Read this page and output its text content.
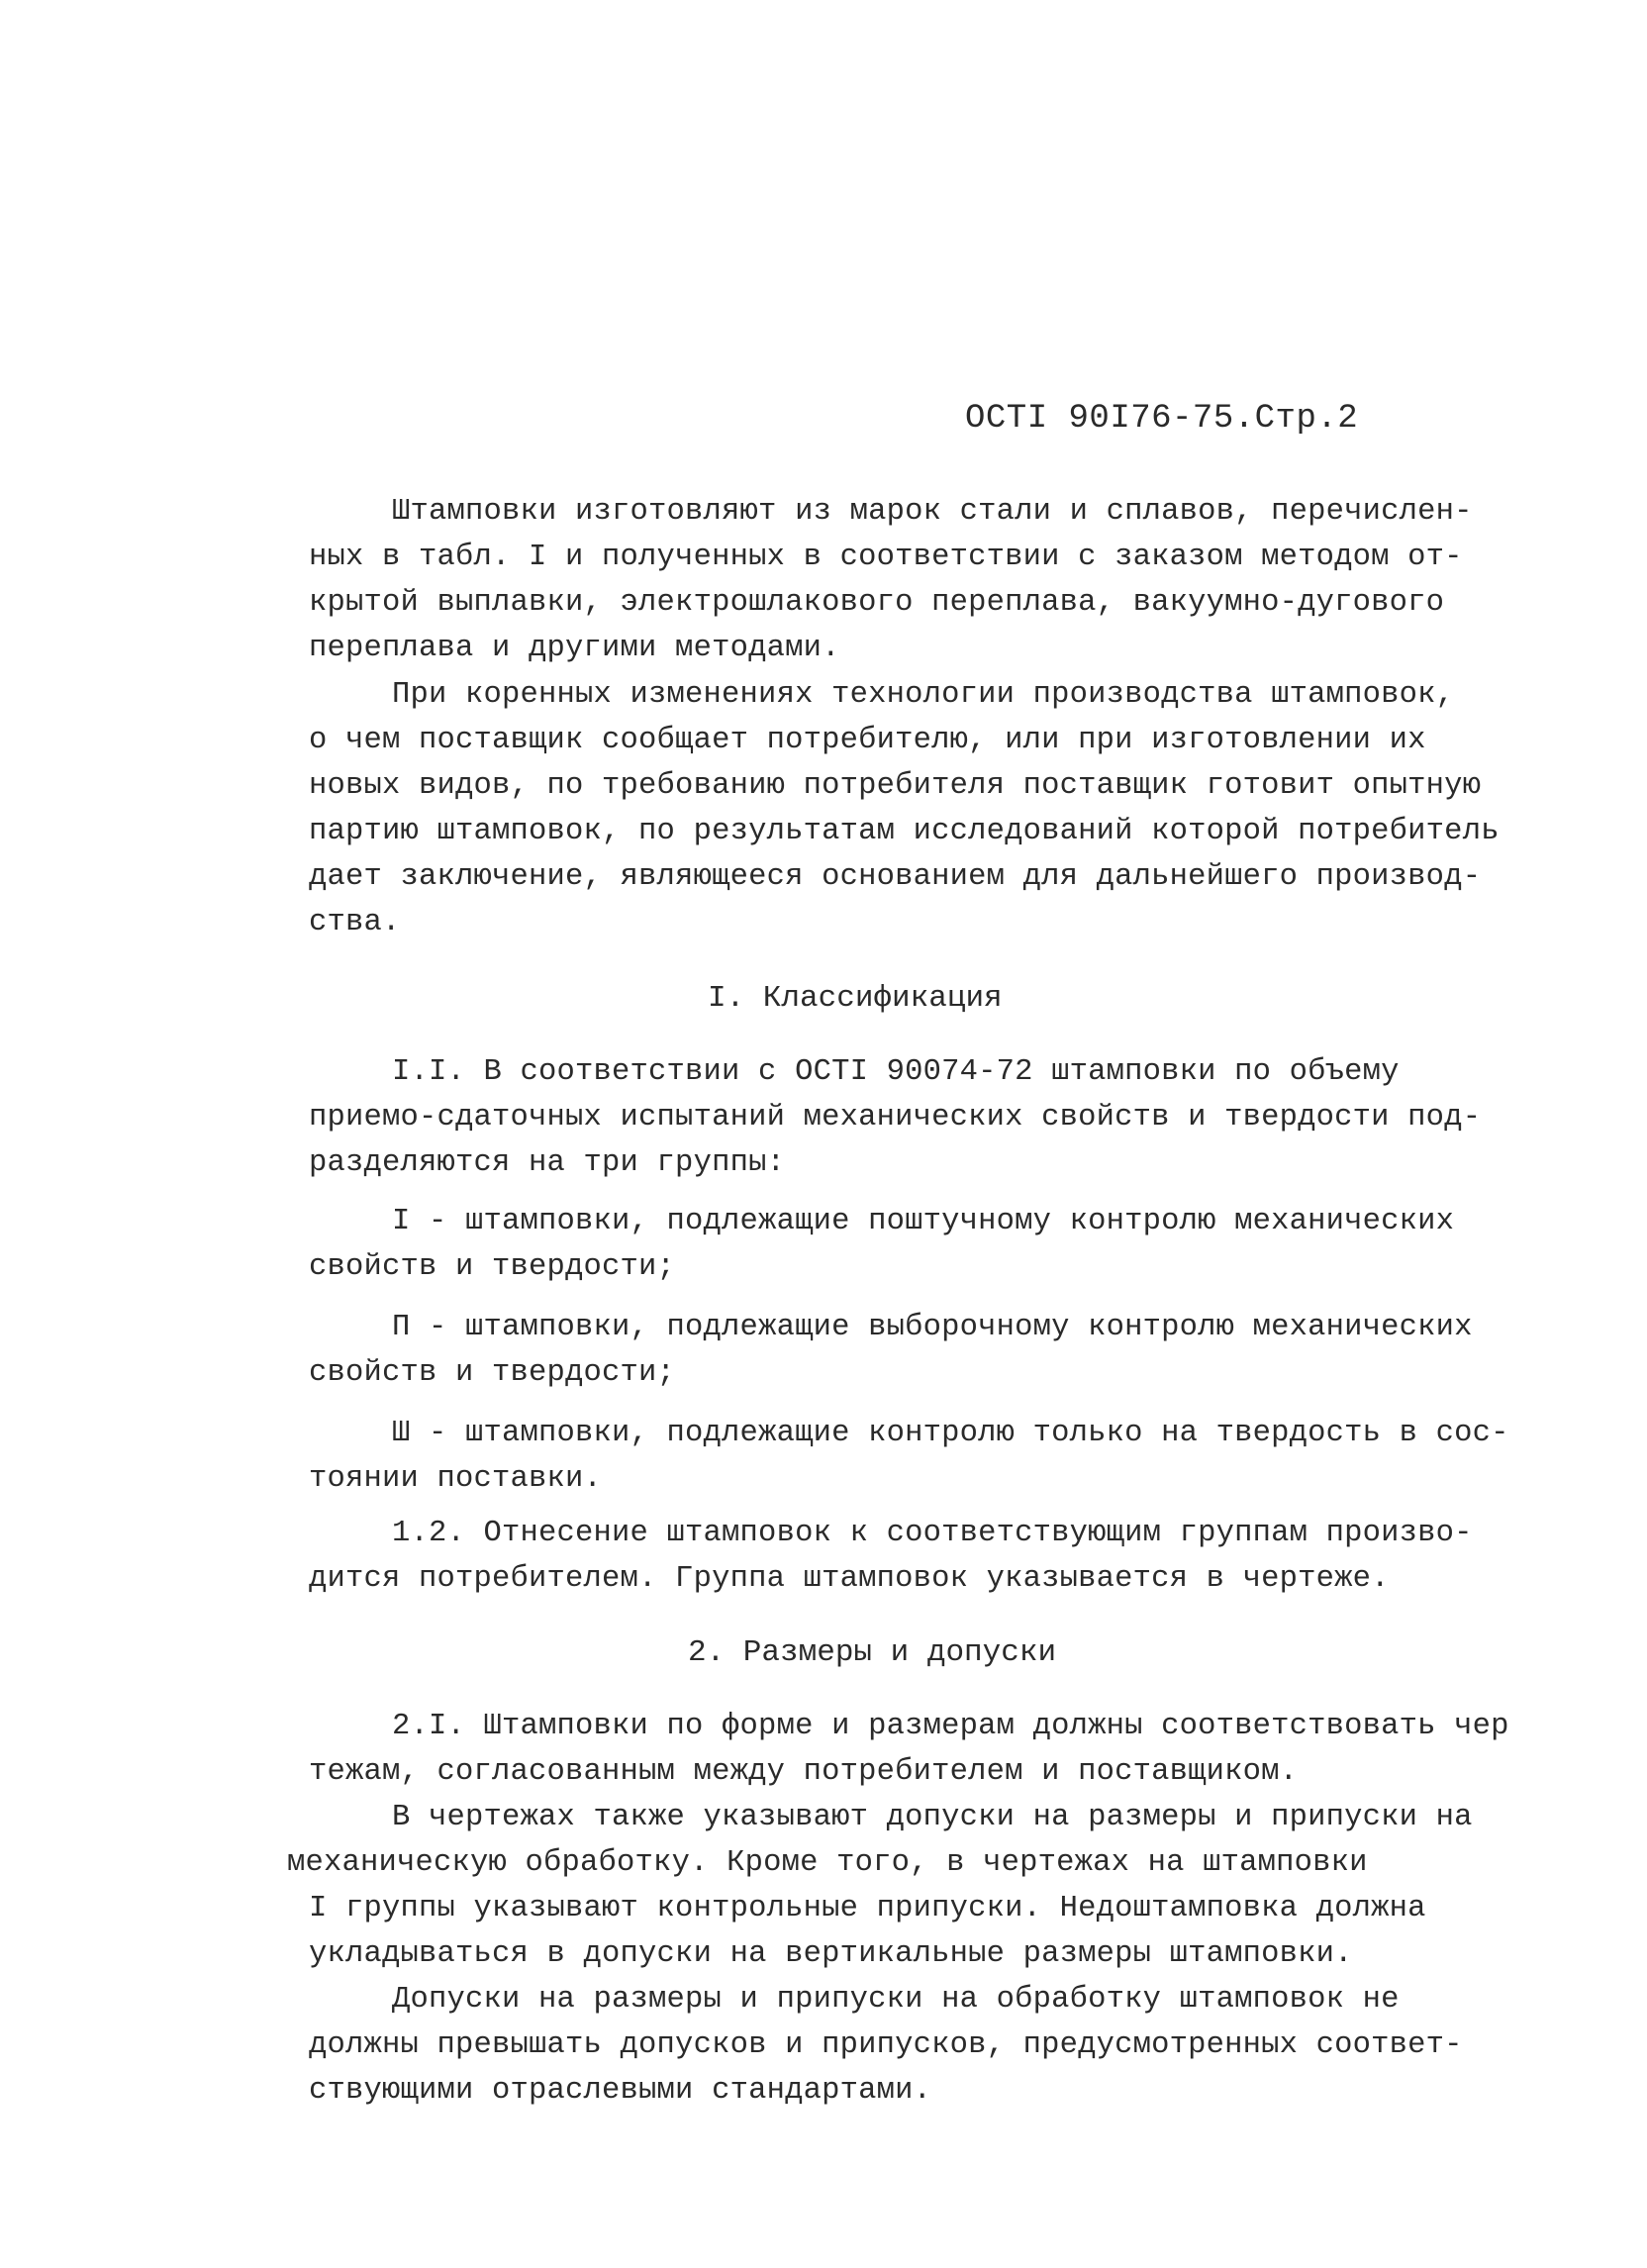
ОСТI 90I76-75.Стр.2
Штамповки изготовляют из марок стали и сплавов, перечислен-
ных в табл. I и полученных в соответствии с заказом методом от-
крытой выплавки, электрошлакового переплава, вакуумно-дугового
переплава и другими методами.
При коренных изменениях технологии производства штамповок,
о чем поставщик сообщает потребителю, или при изготовлении их
новых видов, по требованию потребителя поставщик готовит опытную
партию штамповок, по результатам исследований которой потребитель
дает заключение, являющееся основанием для дальнейшего производ-
ства.
I. Классификация
I.I. В соответствии с ОСТI 90074-72 штамповки по объему
приемо-сдаточных испытаний механических свойств и твердости под-
разделяются на три группы:
I - штамповки, подлежащие поштучному контролю механических
свойств и твердости;
П - штамповки, подлежащие выборочному контролю механических
свойств и твердости;
Ш - штамповки, подлежащие контролю только на твердость в сос-
тоянии поставки.
1.2. Отнесение штамповок к соответствующим группам произво-
дится потребителем. Группа штамповок указывается в чертеже.
2. Размеры и допуски
2.I. Штамповки по форме и размерам должны соответствовать чер
тежам, согласованным между потребителем и поставщиком.
В чертежах также указывают допуски на размеры и припуски на
механическую обработку. Кроме того, в чертежах на штамповки
I группы указывают контрольные припуски. Недоштамповка должна
укладываться в допуски на вертикальные размеры штамповки.
Допуски на размеры и припуски на обработку штамповок не
должны превышать допусков и припусков, предусмотренных соответ-
ствующими отраслевыми стандартами.
